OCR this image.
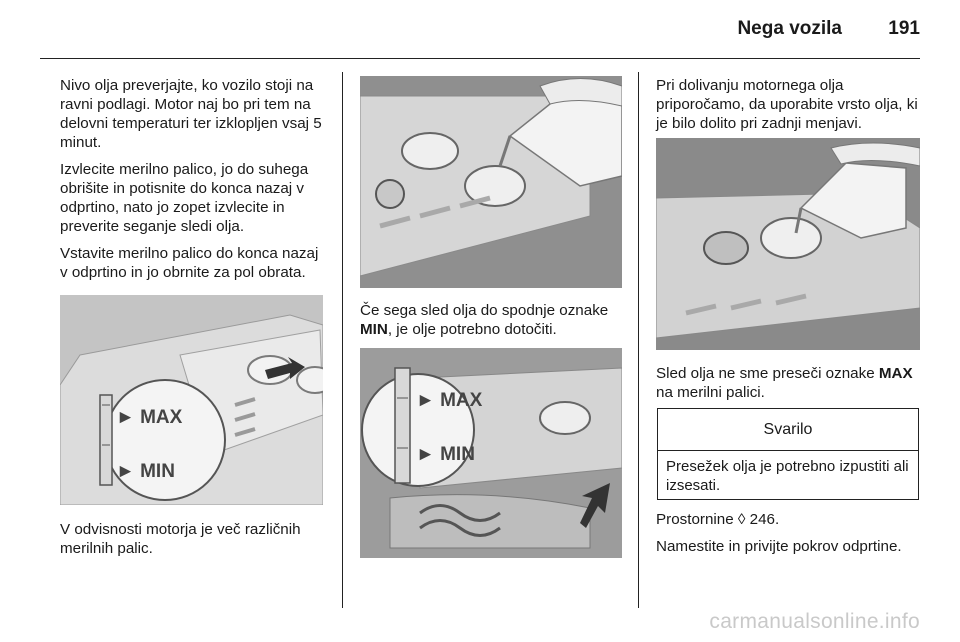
Nega vozila 191

Nivo olja preverjajte, ko vozilo stoji na ravni podlagi. Motor naj bo pri tem na delovni temperaturi ter izklopljen vsaj 5 minut.

Izvlecite merilno palico, jo do suhega obrišite in potisnite do konca nazaj v odprtino, nato jo zopet izvlecite in preverite seganje sledi olja.

Vstavite merilno palico do konca nazaj v odprtino in jo obrnite za pol obrata.

► MAX
► MIN

V odvisnosti motorja je več različnih merilnih palic.

Če sega sled olja do spodnje oznake MIN, je olje potrebno dotočiti.

► MAX
► MIN

Pri dolivanju motornega olja priporočamo, da uporabite vrsto olja, ki je bilo dolito pri zadnji menjavi.

Sled olja ne sme preseči oznake MAX na merilni palici.

Svarilo
Presežek olja je potrebno izpustiti ali izsesati.

Prostornine ◊ 246.

Namestite in privijte pokrov odprtine.

carmanualsonline.info
